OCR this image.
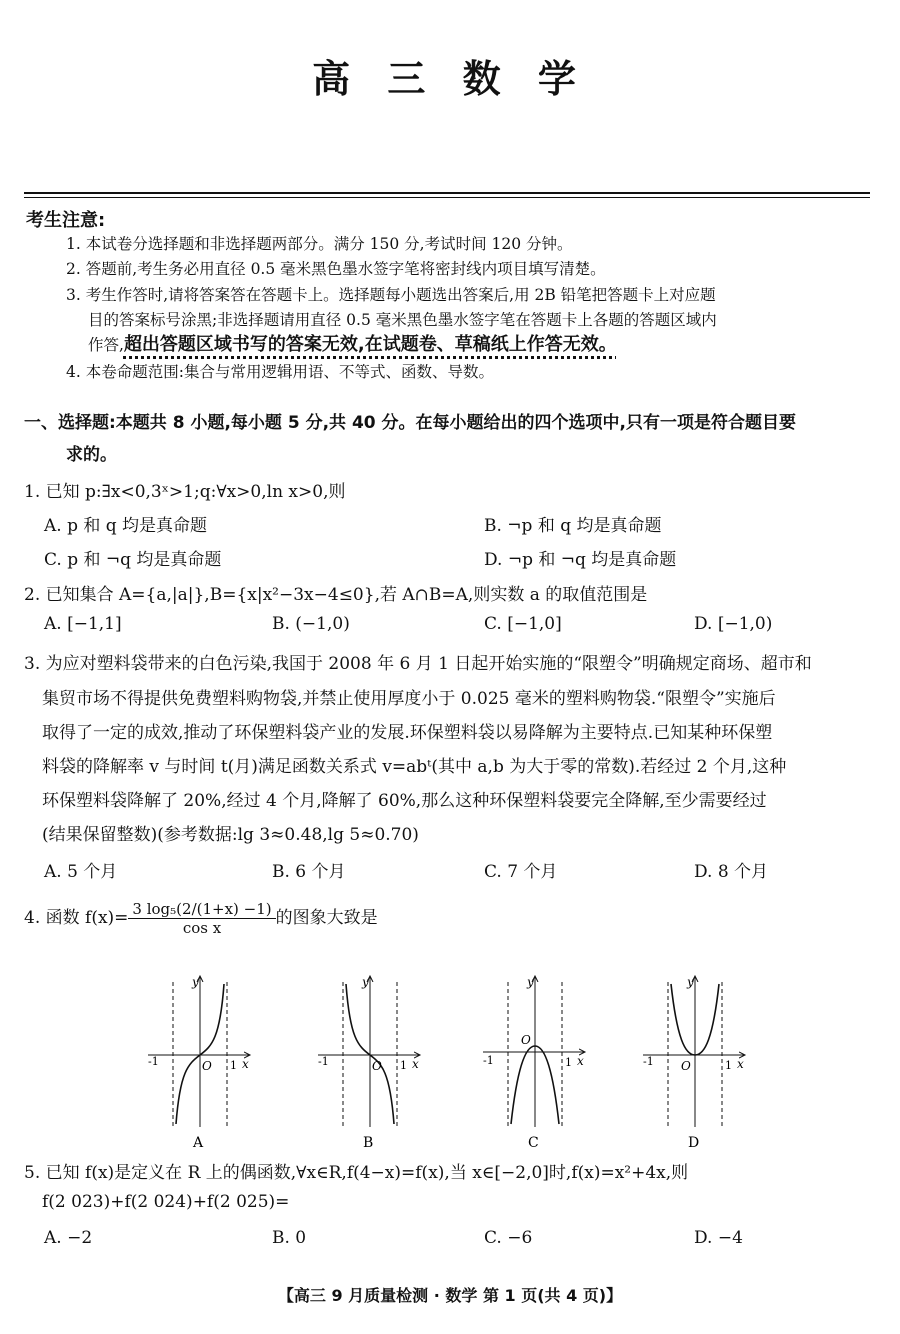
高 三 数 学
考生注意:
1. 本试卷分选择题和非选择题两部分。满分 150 分,考试时间 120 分钟。
2. 答题前,考生务必用直径 0.5 毫米黑色墨水签字笔将密封线内项目填写清楚。
3. 考生作答时,请将答案答在答题卡上。选择题每小题选出答案后,用 2B 铅笔把答题卡上对应题
目的答案标号涂黑;非选择题请用直径 0.5 毫米黑色墨水签字笔在答题卡上各题的答题区域内
作答,超出答题区域书写的答案无效,在试题卷、草稿纸上作答无效。
4. 本卷命题范围:集合与常用逻辑用语、不等式、函数、导数。
一、选择题:本题共 8 小题,每小题 5 分,共 40 分。在每小题给出的四个选项中,只有一项是符合题目要
求的。
1. 已知 p:∃x<0,3ˣ>1;q:∀x>0,ln x>0,则
A. p 和 q 均是真命题	B. ¬p 和 q 均是真命题
C. p 和 ¬q 均是真命题	D. ¬p 和 ¬q 均是真命题
2. 已知集合 A={a,|a|},B={x|x²−3x−4≤0},若 A∩B=A,则实数 a 的取值范围是
A. [−1,1]	B. (−1,0)	C. [−1,0]	D. [−1,0)
3. 为应对塑料袋带来的白色污染,我国于 2008 年 6 月 1 日起开始实施的“限塑令”明确规定商场、超市和
集贸市场不得提供免费塑料购物袋,并禁止使用厚度小于 0.025 毫米的塑料购物袋.“限塑令”实施后
取得了一定的成效,推动了环保塑料袋产业的发展.环保塑料袋以易降解为主要特点.已知某种环保塑
料袋的降解率 v 与时间 t(月)满足函数关系式 v=abᵗ(其中 a,b 为大于零的常数).若经过 2 个月,这种
环保塑料袋降解了 20%,经过 4 个月,降解了 60%,那么这种环保塑料袋要完全降解,至少需要经过
(结果保留整数)(参考数据:lg 3≈0.48,lg 5≈0.70)
A. 5 个月	B. 6 个月	C. 7 个月	D. 8 个月
4. 函数 $f(x)= \frac{\text{3 log₅(2/(1+x) −1)}}{\text{cos x}}$ 的图象大致是
y
x
O
-1	1
A
y
x
O
-1	1
B
y
x
O
-1	1
C
y
x
O
-1	1
D
5. 已知 f(x)是定义在 R 上的偶函数,∀x∈R,f(4−x)=f(x),当 x∈[−2,0]时,f(x)=x²+4x,则
f(2 023)+f(2 024)+f(2 025)=
A. −2	B. 0	C. −6	D. −4
【高三 9 月质量检测 · 数学 第 1 页(共 4 页)】
